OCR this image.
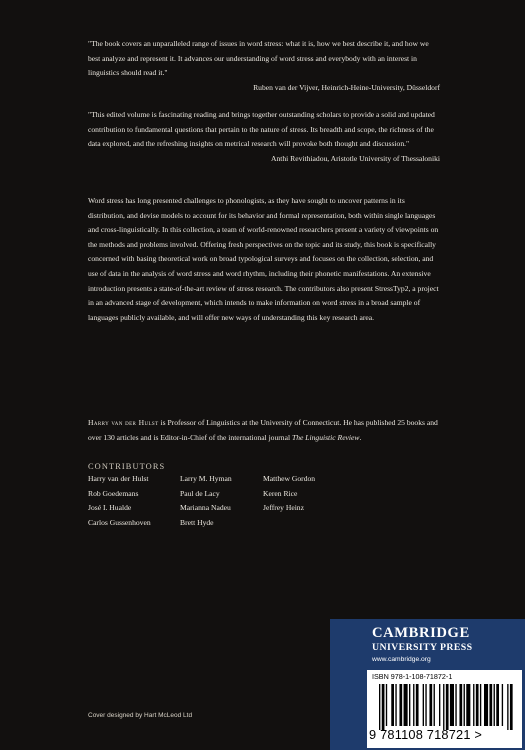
"The book covers an unparalleled range of issues in word stress: what it is, how we best describe it, and how we best analyze and represent it. It advances our understanding of word stress and everybody with an interest in linguistics should read it."

Ruben van der Vijver, Heinrich-Heine-University, Düsseldorf

"This edited volume is fascinating reading and brings together outstanding scholars to provide a solid and updated contribution to fundamental questions that pertain to the nature of stress. Its breadth and scope, the richness of the data explored, and the refreshing insights on metrical research will provoke both thought and discussion."

Anthi Revithiadou, Aristotle University of Thessaloniki

Word stress has long presented challenges to phonologists, as they have sought to uncover patterns in its distribution, and devise models to account for its behavior and formal representation, both within single languages and cross-linguistically. In this collection, a team of world-renowned researchers present a variety of viewpoints on the methods and problems involved. Offering fresh perspectives on the topic and its study, this book is specifically concerned with basing theoretical work on broad typological surveys and focuses on the collection, selection, and use of data in the analysis of word stress and word rhythm, including their phonetic manifestations. An extensive introduction presents a state-of-the-art review of stress research. The contributors also present StressTyp2, a project in an advanced stage of development, which intends to make information on word stress in a broad sample of languages publicly available, and will offer new ways of understanding this key research area.
Harry van der Hulst is Professor of Linguistics at the University of Connecticut. He has published 25 books and over 130 articles and is Editor-in-Chief of the international journal The Linguistic Review.
CONTRIBUTORS
Harry van der Hulst
Rob Goedemans
José I. Hualde
Carlos Gussenhoven
Larry M. Hyman
Paul de Lacy
Marianna Nadeu
Brett Hyde
Matthew Gordon
Keren Rice
Jeffrey Heinz
CAMBRIDGE
UNIVERSITY PRESS
www.cambridge.org
ISBN 978-1-108-71872-1
9 781108 718721 >
Cover designed by Hart McLeod Ltd
